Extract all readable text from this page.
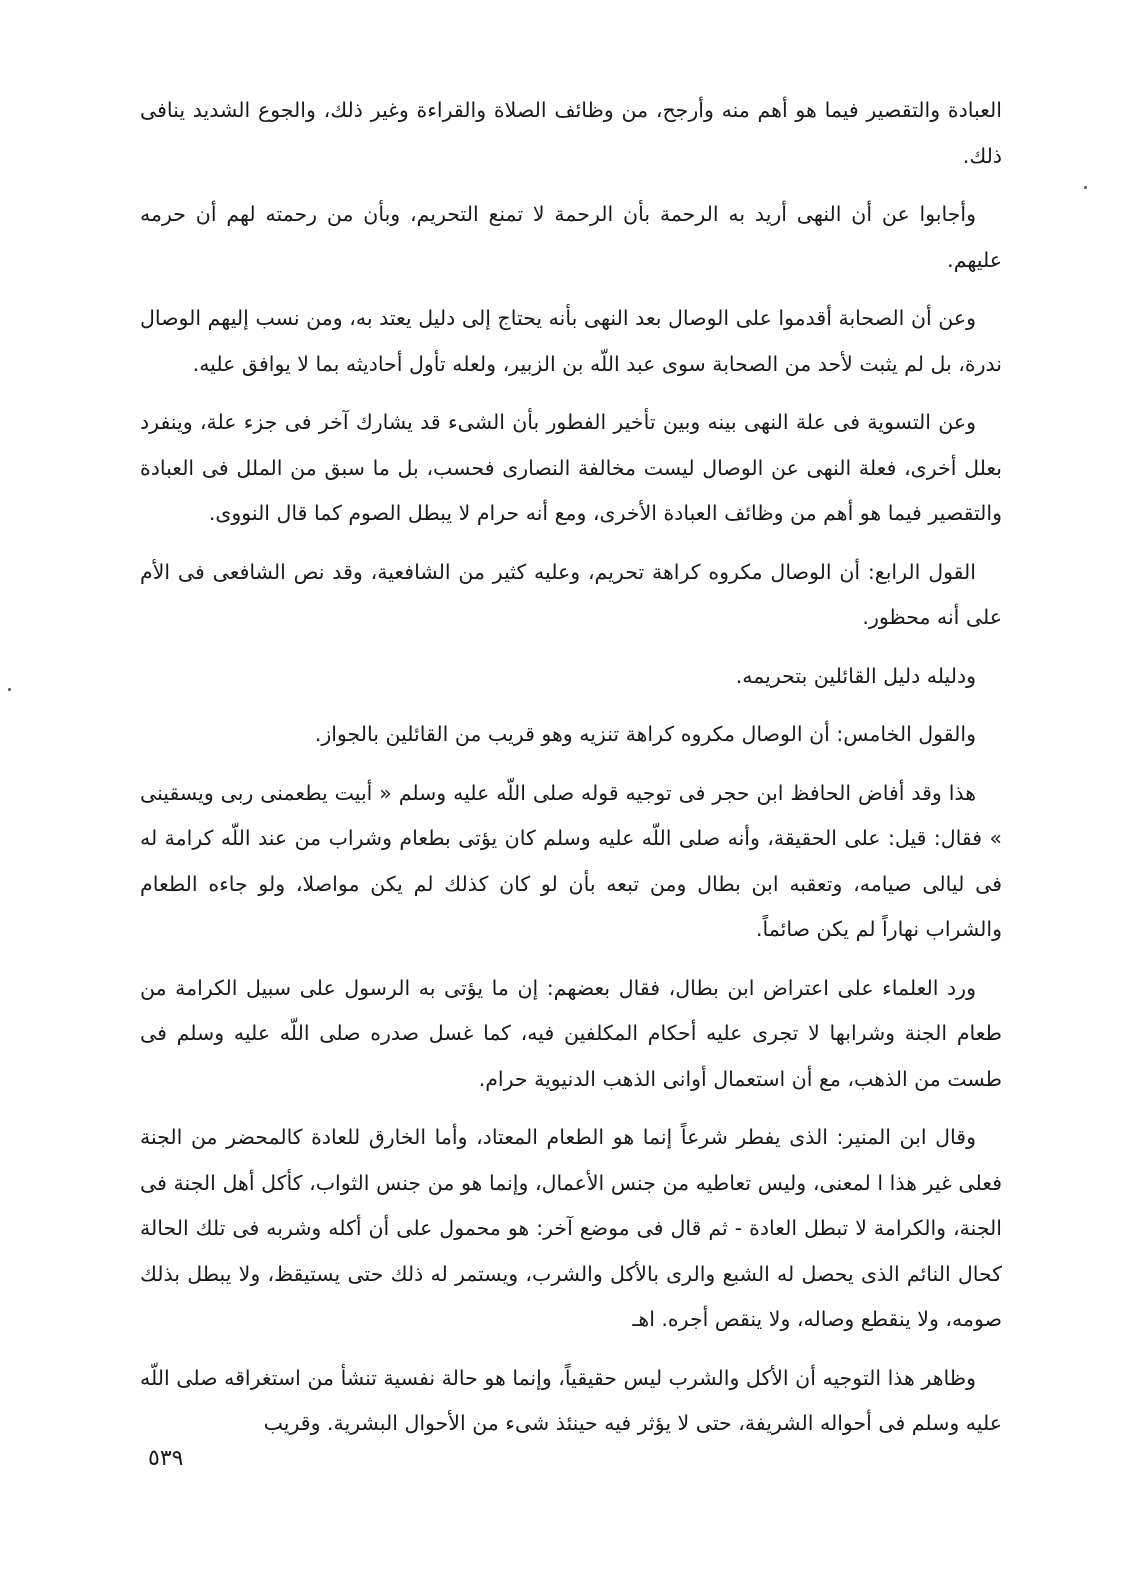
العبادة والتقصير فيما هو أهم منه وأرجح، من وظائف الصلاة والقراءة وغير ذلك، والجوع الشديد ينافى ذلك.

وأجابوا عن أن النهى أريد به الرحمة بأن الرحمة لا تمنع التحريم، وبأن من رحمته لهم أن حرمه عليهم.

وعن أن الصحابة أقدموا على الوصال بعد النهى بأنه يحتاج إلى دليل يعتد به، ومن نسب إليهم الوصال ندرة، بل لم يثبت لأحد من الصحابة سوى عبد اللّه بن الزبير، ولعله تأول أحاديثه بما لا يوافق عليه.

وعن التسوية فى علة النهى بينه وبين تأخير الفطور بأن الشىء قد يشارك آخر فى جزء علة، وينفرد بعلل أخرى، فعلة النهى عن الوصال ليست مخالفة النصارى فحسب، بل ما سبق من الملل فى العبادة والتقصير فيما هو أهم من وظائف العبادة الأخرى، ومع أنه حرام لا يبطل الصوم كما قال النووى.

القول الرابع: أن الوصال مكروه كراهة تحريم، وعليه كثير من الشافعية، وقد نص الشافعى فى الأم على أنه محظور.

ودليله دليل القائلين بتحريمه.

والقول الخامس: أن الوصال مكروه كراهة تنزيه وهو قريب من القائلين بالجواز.

هذا وقد أفاض الحافظ ابن حجر فى توجيه قوله صلى اللّه عليه وسلم « أبيت يطعمنى ربى ويسقينى » فقال: قيل: على الحقيقة، وأنه صلى اللّه عليه وسلم كان يؤتى بطعام وشراب من عند اللّه كرامة له فى ليالى صيامه، وتعقبه ابن بطال ومن تبعه بأن لو كان كذلك لم يكن مواصلا، ولو جاءه الطعام والشراب نهاراً لم يكن صائماً.

ورد العلماء على اعتراض ابن بطال، فقال بعضهم: إن ما يؤتى به الرسول على سبيل الكرامة من طعام الجنة وشرابها لا تجرى عليه أحكام المكلفين فيه، كما غسل صدره صلى اللّه عليه وسلم فى طست من الذهب، مع أن استعمال أوانى الذهب الدنيوية حرام.

وقال ابن المنير: الذى يفطر شرعاً إنما هو الطعام المعتاد، وأما الخارق للعادة كالمحضر من الجنة فعلى غير هذا ا لمعنى، وليس تعاطيه من جنس الأعمال، وإنما هو من جنس الثواب، كأكل أهل الجنة فى الجنة، والكرامة لا تبطل العادة - ثم قال فى موضع آخر: هو محمول على أن أكله وشربه فى تلك الحالة كحال النائم الذى يحصل له الشبع والرى بالأكل والشرب، ويستمر له ذلك حتى يستيقظ، ولا يبطل بذلك صومه، ولا ينقطع وصاله، ولا ينقص أجره. اهـ

وظاهر هذا التوجيه أن الأكل والشرب ليس حقيقياً، وإنما هو حالة نفسية تنشأ من استغراقه صلى اللّه عليه وسلم فى أحواله الشريفة، حتى لا يؤثر فيه حينئذ شىء من الأحوال البشرية. وقريب

٥٣٩
